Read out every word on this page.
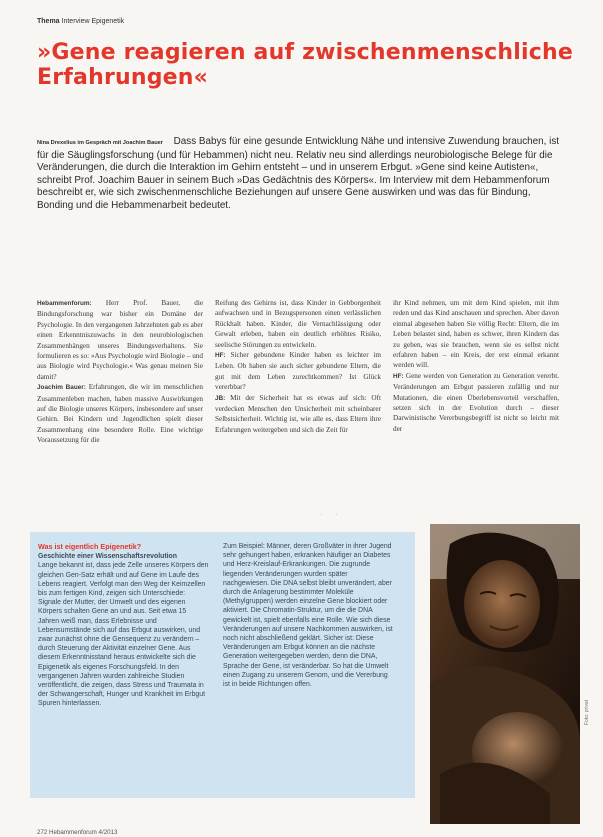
Thema Interview Epigenetik
»Gene reagieren auf zwischenmenschliche Erfahrungen«

Nina Drexelius im Gespräch mit Joachim Bauer Dass Babys für eine gesunde Entwicklung Nähe und intensive Zuwendung brauchen, ist für die Säuglingsforschung (und für Hebammen) nicht neu. Relativ neu sind allerdings neurobiologische Belege für die Veränderungen, die durch die Interaktion im Gehirn entsteht – und in unserem Erbgut. »Gene sind keine Autisten«, schreibt Prof. Joachim Bauer in seinem Buch »Das Gedächtnis des Körpers«. Im Interview mit dem Hebammenforum beschreibt er, wie sich zwischenmenschliche Beziehungen auf unsere Gene auswirken und was das für Bindung, Bonding und die Hebammenarbeit bedeutet.

Hebammenforum: Herr Prof. Bauer, die Bindungsforschung war bisher ein Domäne der Psychologie. In den vergangenen Jahrzehnten gab es aber einen Erkenntniszuwachs in den neurobiologischen Zusammenhängen unseres Bindungsverhaltens. Sie formulieren es so: »Aus Psychologie wird Biologie – und aus Biologie wird Psychologie.« Was genau meinen Sie damit?

Joachim Bauer: Erfahrungen, die wir im menschlichen Zusammenleben machen, haben massive Auswirkungen auf die Biologie unseres Körpers, insbesondere auf unser Gehirn. Bei Kindern und Jugendlichen spielt dieser Zusammenhang eine besondere Rolle. Eine wichtige Voraussetzung für die

Reifung des Gehirns ist, dass Kinder in Gebborgenheit aufwachsen und in Bezugspersonen einen verlässlichen Rückhalt haben. Kinder, die Vernachlässigung oder Gewalt erleben, haben ein deutlich erhöhtes Risiko, seelische Störungen zu entwickeln.

HF: Sicher gebundene Kinder haben es leichter im Leben. Ob haben sie auch sicher gebundene Eltern, die gut mit dem Leben zurechtkommen? Ist Glück vererbbar?

JB: Mit der Sicherheit hat es etwas auf sich: Oft verdecken Menschen den Unsicherheit mit scheinbarer Selbstsicherheit. Wichtig ist, wie alle es, dass Eltern ihre Erfahrungen weitergeben und sich die Zeit für

ihr Kind nehmen, um mit dem Kind spielen, mit ihm reden und das Kind anschauen und sprechen. Aber davon einmal abgesehen haben Sie völlig Recht: Eltern, die im Leben belastet sind, haben es schwer, ihren Kindern das zu geben, was sie brauchen, wenn sie es selbst nicht erfahren haben – ein Kreis, der erst einmal erkannt werden will.

HF: Gene werden von Generation zu Generation vererbt. Veränderungen am Erbgut passieren zufällig und nur Mutationen, die einen Überlebensvorteil verschaffen, setzen sich in der Evolution durch – dieser Darwinistische Vererbungsbegriff ist nicht so leicht mit der

· ·
Was ist eigentlich Epigenetik?

Geschichte einer Wissenschaftsrevolution
Lange bekannt ist, dass jede Zelle unseres Körpers den gleichen Gen-Satz erhält und auf Gene im Laufe des Lebens reagiert. Verfolgt man den Weg der Keimzellen bis zum fertigen Kind, zeigen sich Unterschiede: Signale der Mutter, der Umwelt und des eigenen Körpers schalten Gene an und aus. Seit etwa 15 Jahren weiß man, dass Erlebnisse und Lebensumstände sich auf das Erbgut auswirken, und zwar zunächst ohne die Gensequenz zu verändern – durch Steuerung der Aktivität einzelner Gene. Aus diesem Erkenntnisstand heraus entwickelte sich die Epigenetik als eigenes Forschungsfeld. In den vergangenen Jahren wurden zahlreiche Studien veröffentlicht, die zeigen, dass Stress und Traumata in der Schwangerschaft, Hunger und Krankheit im Erbgut Spuren hinterlassen.

Zum Beispiel: Männer, deren Großväter in ihrer Jugend sehr gehungert haben, erkranken häufiger an Diabetes und Herz-Kreislauf-Erkrankungen. Die zugrunde liegenden Veränderungen wurden später nachgewiesen. Die DNA selbst bleibt unverändert, aber durch die Anlagerung bestimmter Moleküle (Methylgruppen) werden einzelne Gene blockiert oder aktiviert. Die Chromatin-Struktur, um die die DNA gewickelt ist, spielt ebenfalls eine Rolle. Wie sich diese Veränderungen auf unsere Nachkommen auswirken, ist noch nicht abschließend geklärt. Sicher ist: Diese Veränderungen am Erbgut können an die nächste Generation weitergegeben werden, denn die DNA, Sprache der Gene, ist veränderbar. So hat die Umwelt einen Zugang zu unserem Genom, und die Vererbung ist in beide Richtungen offen.

Foto: privat
272 Hebammenforum 4/2013
